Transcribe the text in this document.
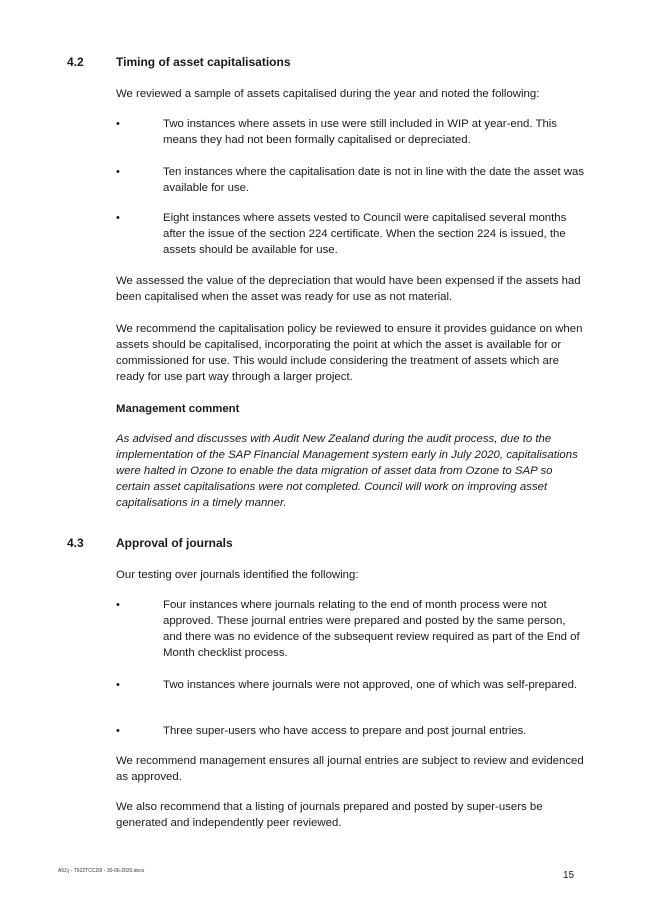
4.2	Timing of asset capitalisations

We reviewed a sample of assets capitalised during the year and noted the following:

•	Two instances where assets in use were still included in WIP at year-end. This means they had not been formally capitalised or depreciated.
•	Ten instances where the capitalisation date is not in line with the date the asset was available for use.
•	Eight instances where assets vested to Council were capitalised several months after the issue of the section 224 certificate. When the section 224 is issued, the assets should be available for use.

We assessed the value of the depreciation that would have been expensed if the assets had been capitalised when the asset was ready for use as not material.

We recommend the capitalisation policy be reviewed to ensure it provides guidance on when assets should be capitalised, incorporating the point at which the asset is available for or commissioned for use. This would include considering the treatment of assets which are ready for use part way through a larger project.

Management comment

As advised and discusses with Audit New Zealand during the audit process, due to the implementation of the SAP Financial Management system early in July 2020, capitalisations were halted in Ozone to enable the data migration of asset data from Ozone to SAP so certain asset capitalisations were not completed. Council will work on improving asset capitalisations in a timely manner.

4.3	Approval of journals

Our testing over journals identified the following:

•	Four instances where journals relating to the end of month process were not approved. These journal entries were prepared and posted by the same person, and there was no evidence of the subsequent review required as part of the End of Month checklist process.
•	Two instances where journals were not approved, one of which was self-prepared.
•	Three super-users who have access to prepare and post journal entries.

We recommend management ensures all journal entries are subject to review and evidenced as approved.

We also recommend that a listing of journals prepared and posted by super-users be generated and independently peer reviewed.

A52.j - T922TCC20I - 30-06-2020.docx	15
